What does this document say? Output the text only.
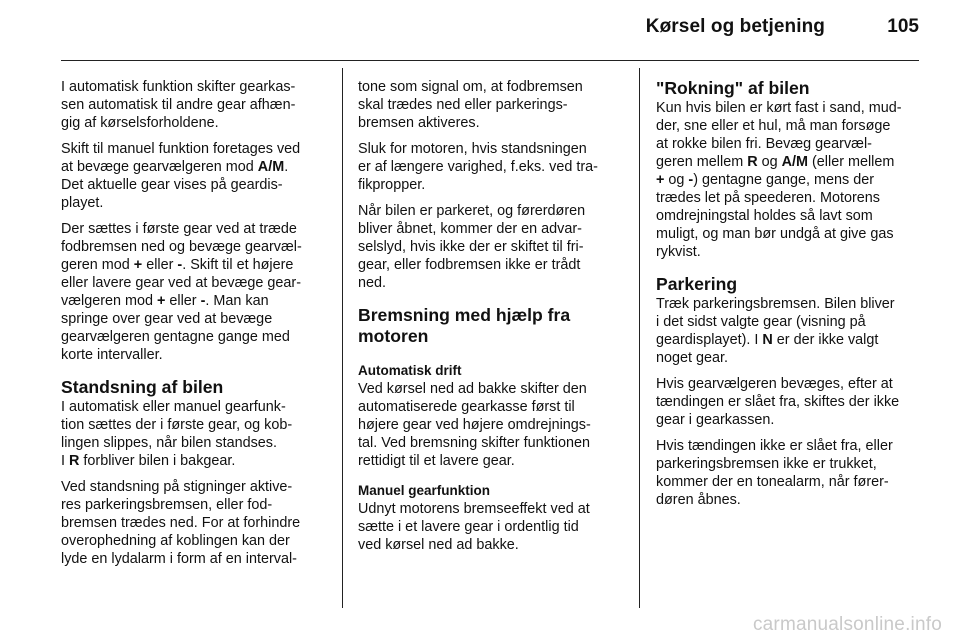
Kørsel og betjening	105

I automatisk funktion skifter gearkas-
sen automatisk til andre gear afhæn-
gig af kørselsforholdene.

Skift til manuel funktion foretages ved
at bevæge gearvælgeren mod A/M.
Det aktuelle gear vises på geardis-
playet.

Der sættes i første gear ved at træde
fodbremsen ned og bevæge gearvæl-
geren mod + eller -. Skift til et højere
eller lavere gear ved at bevæge gear-
vælgeren mod + eller -. Man kan
springe over gear ved at bevæge
gearvælgeren gentagne gange med
korte intervaller.

Standsning af bilen

I automatisk eller manuel gearfunk-
tion sættes der i første gear, og kob-
lingen slippes, når bilen standses.
I R forbliver bilen i bakgear.

Ved standsning på stigninger aktive-
res parkeringsbremsen, eller fod-
bremsen trædes ned. For at forhindre
overophedning af koblingen kan der
lyde en lydalarm i form af en interval-

tone som signal om, at fodbremsen
skal trædes ned eller parkerings-
bremsen aktiveres.

Sluk for motoren, hvis standsningen
er af længere varighed, f.eks. ved tra-
fikpropper.

Når bilen er parkeret, og førerdøren
bliver åbnet, kommer der en advar-
selslyd, hvis ikke der er skiftet til fri-
gear, eller fodbremsen ikke er trådt
ned.

Bremsning med hjælp fra
motoren
Automatisk drift

Ved kørsel ned ad bakke skifter den
automatiserede gearkasse først til
højere gear ved højere omdrejnings-
tal. Ved bremsning skifter funktionen
rettidigt til et lavere gear.

Manuel gearfunktion

Udnyt motorens bremseeffekt ved at
sætte i et lavere gear i ordentlig tid
ved kørsel ned ad bakke.

"Rokning" af bilen

Kun hvis bilen er kørt fast i sand, mud-
der, sne eller et hul, må man forsøge
at rokke bilen fri. Bevæg gearvæl-
geren mellem R og A/M (eller mellem
+ og -) gentagne gange, mens der
trædes let på speederen. Motorens
omdrejningstal holdes så lavt som
muligt, og man bør undgå at give gas
rykvist.

Parkering

Træk parkeringsbremsen. Bilen bliver
i det sidst valgte gear (visning på
geardisplayet). I N er der ikke valgt
noget gear.

Hvis gearvælgeren bevæges, efter at
tændingen er slået fra, skiftes der ikke
gear i gearkassen.

Hvis tændingen ikke er slået fra, eller
parkeringsbremsen ikke er trukket,
kommer der en tonealarm, når fører-
døren åbnes.

carmanualsonline.info
